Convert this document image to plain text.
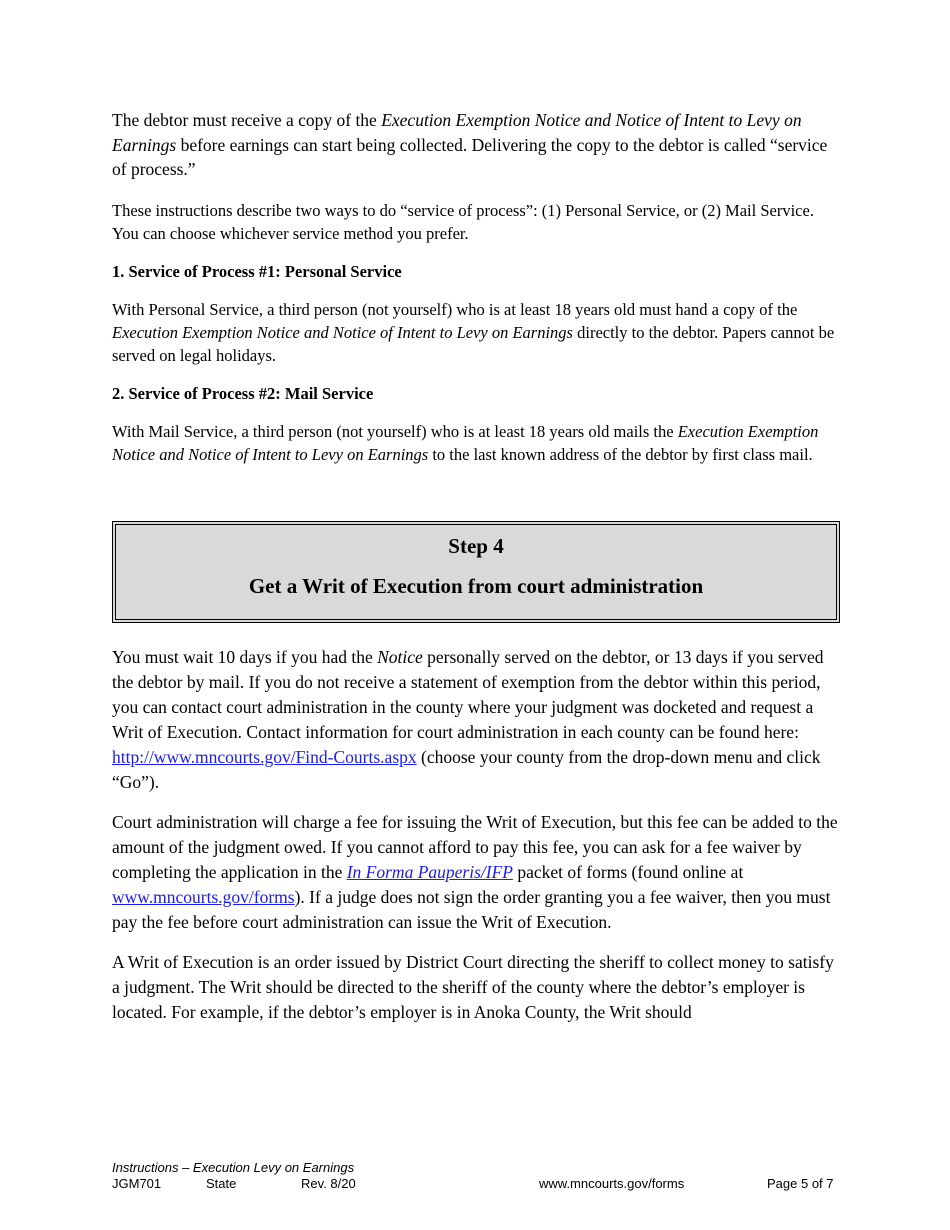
The debtor must receive a copy of the Execution Exemption Notice and Notice of Intent to Levy on Earnings before earnings can start being collected. Delivering the copy to the debtor is called “service of process.”

These instructions describe two ways to do “service of process”: (1) Personal Service, or (2) Mail Service. You can choose whichever service method you prefer.

1. Service of Process #1: Personal Service

With Personal Service, a third person (not yourself) who is at least 18 years old must hand a copy of the Execution Exemption Notice and Notice of Intent to Levy on Earnings directly to the debtor. Papers cannot be served on legal holidays.

2. Service of Process #2: Mail Service

With Mail Service, a third person (not yourself) who is at least 18 years old mails the Execution Exemption Notice and Notice of Intent to Levy on Earnings to the last known address of the debtor by first class mail.

Step 4
Get a Writ of Execution from court administration

You must wait 10 days if you had the Notice personally served on the debtor, or 13 days if you served the debtor by mail. If you do not receive a statement of exemption from the debtor within this period, you can contact court administration in the county where your judgment was docketed and request a Writ of Execution. Contact information for court administration in each county can be found here: http://www.mncourts.gov/Find-Courts.aspx (choose your county from the drop-down menu and click “Go”).

Court administration will charge a fee for issuing the Writ of Execution, but this fee can be added to the amount of the judgment owed. If you cannot afford to pay this fee, you can ask for a fee waiver by completing the application in the In Forma Pauperis/IFP packet of forms (found online at www.mncourts.gov/forms). If a judge does not sign the order granting you a fee waiver, then you must pay the fee before court administration can issue the Writ of Execution.

A Writ of Execution is an order issued by District Court directing the sheriff to collect money to satisfy a judgment. The Writ should be directed to the sheriff of the county where the debtor’s employer is located. For example, if the debtor’s employer is in Anoka County, the Writ should

Instructions – Execution Levy on Earnings
JGM701	State	Rev. 8/20	www.mncourts.gov/forms	Page 5 of 7
